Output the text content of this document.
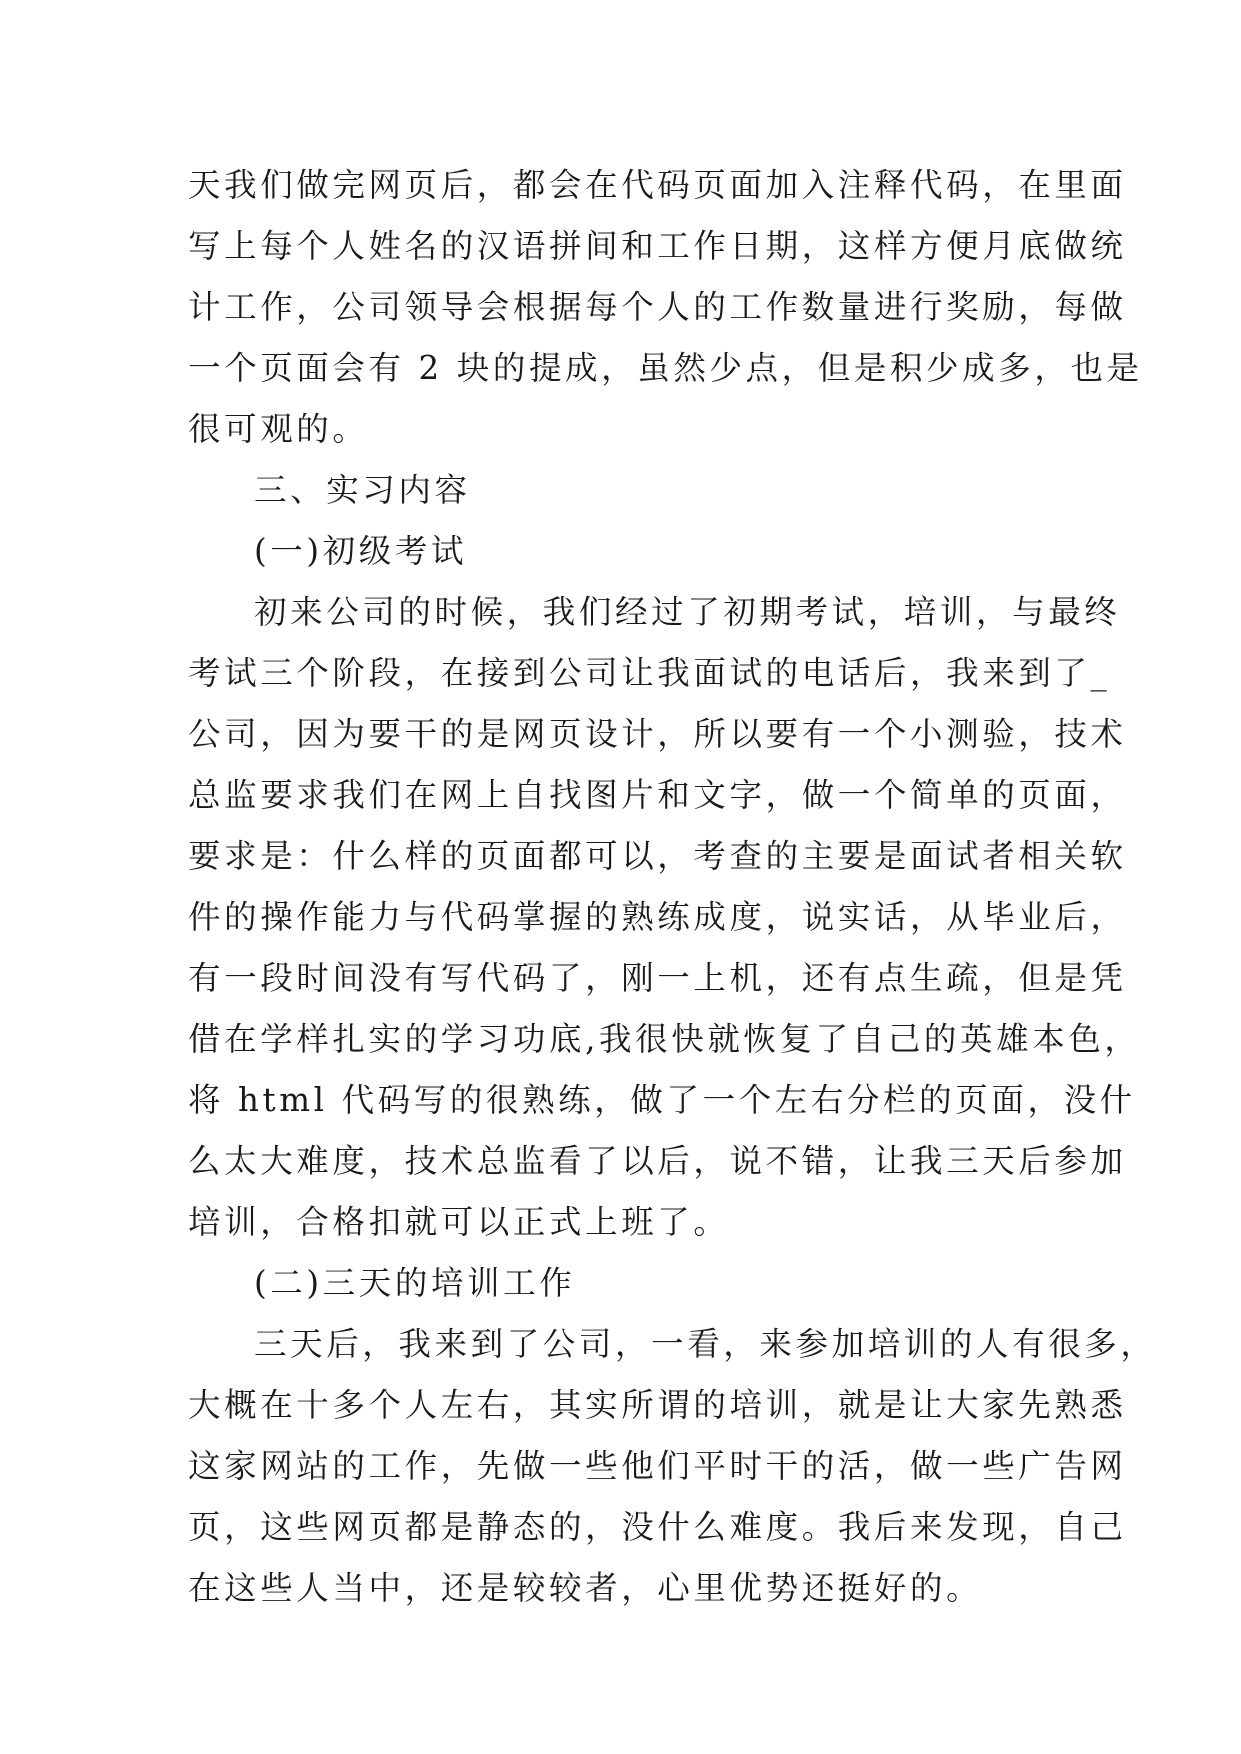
天我们做完网页后，都会在代码页面加入注释代码，在里面
写上每个人姓名的汉语拼间和工作日期，这样方便月底做统
计工作，公司领导会根据每个人的工作数量进行奖励，每做
一个页面会有 2 块的提成，虽然少点，但是积少成多，也是
很可观的。
三、实习内容
(一)初级考试
初来公司的时候，我们经过了初期考试，培训，与最终
考试三个阶段，在接到公司让我面试的电话后，我来到了_
公司，因为要干的是网页设计，所以要有一个小测验，技术
总监要求我们在网上自找图片和文字，做一个简单的页面，
要求是：什么样的页面都可以，考查的主要是面试者相关软
件的操作能力与代码掌握的熟练成度，说实话，从毕业后，
有一段时间没有写代码了，刚一上机，还有点生疏，但是凭
借在学样扎实的学习功底,我很快就恢复了自己的英雄本色，
将 html 代码写的很熟练，做了一个左右分栏的页面，没什
么太大难度，技术总监看了以后，说不错，让我三天后参加
培训，合格扣就可以正式上班了。
(二)三天的培训工作
三天后，我来到了公司，一看，来参加培训的人有很多，
大概在十多个人左右，其实所谓的培训，就是让大家先熟悉
这家网站的工作，先做一些他们平时干的活，做一些广告网
页，这些网页都是静态的，没什么难度。我后来发现，自己
在这些人当中，还是较较者，心里优势还挺好的。
